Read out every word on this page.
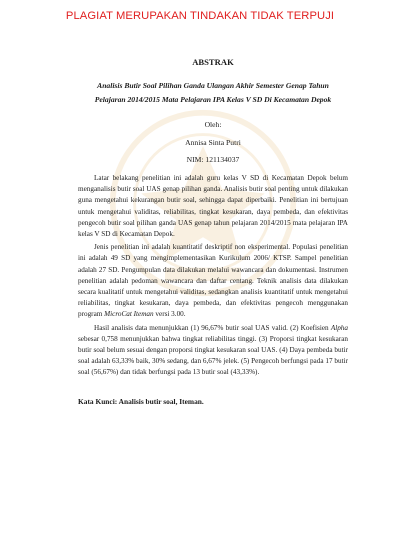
PLAGIAT MERUPAKAN TINDAKAN TIDAK TERPUJI

ABSTRAK

Analisis Butir Soal Pilihan Ganda Ulangan Akhir Semester Genap Tahun
Pelajaran 2014/2015 Mata Pelajaran IPA Kelas V SD Di Kecamatan Depok

Oleh:

Annisa Sinta Putri

NIM: 121134037

Latar belakang penelitian ini adalah guru kelas V SD di Kecamatan Depok belum menganalisis butir soal UAS genap pilihan ganda. Analisis butir soal penting untuk dilakukan guna mengetahui kekurangan butir soal, sehingga dapat diperbaiki. Penelitian ini bertujuan untuk mengetahui validitas, reliabilitas, tingkat kesukaran, daya pembeda, dan efektivitas pengecoh butir soal pilihan ganda UAS genap tahun pelajaran 2014/2015 mata pelajaran IPA kelas V SD di Kecamatan Depok.

Jenis penelitian ini adalah kuantitatif deskriptif non eksperimental. Populasi penelitian ini adalah 49 SD yang mengimplementasikan Kurikulum 2006/ KTSP. Sampel penelitian adalah 27 SD. Pengumpulan data dilakukan melalui wawancara dan dokumentasi. Instrumen penelitian adalah pedoman wawancara dan daftar centang. Teknik analisis data dilakukan secara kualitatif untuk mengetahui validitas, sedangkan analisis kuantitatif untuk mengetahui reliabilitas, tingkat kesukaran, daya pembeda, dan efektivitas pengecoh menggunakan program MicroCat Iteman versi 3.00.

Hasil analisis data menunjukkan (1) 96,67% butir soal UAS valid. (2) Koefisien Alpha sebesar 0,758 menunjukkan bahwa tingkat reliabilitas tinggi. (3) Proporsi tingkat kesukaran butir soal belum sesuai dengan proporsi tingkat kesukaran soal UAS. (4) Daya pembeda butir soal adalah 63,33% baik, 30% sedang, dan 6,67% jelek. (5) Pengecoh berfungsi pada 17 butir soal (56,67%) dan tidak berfungsi pada 13 butir soal (43,33%).

Kata Kunci: Analisis butir soal, Iteman.
